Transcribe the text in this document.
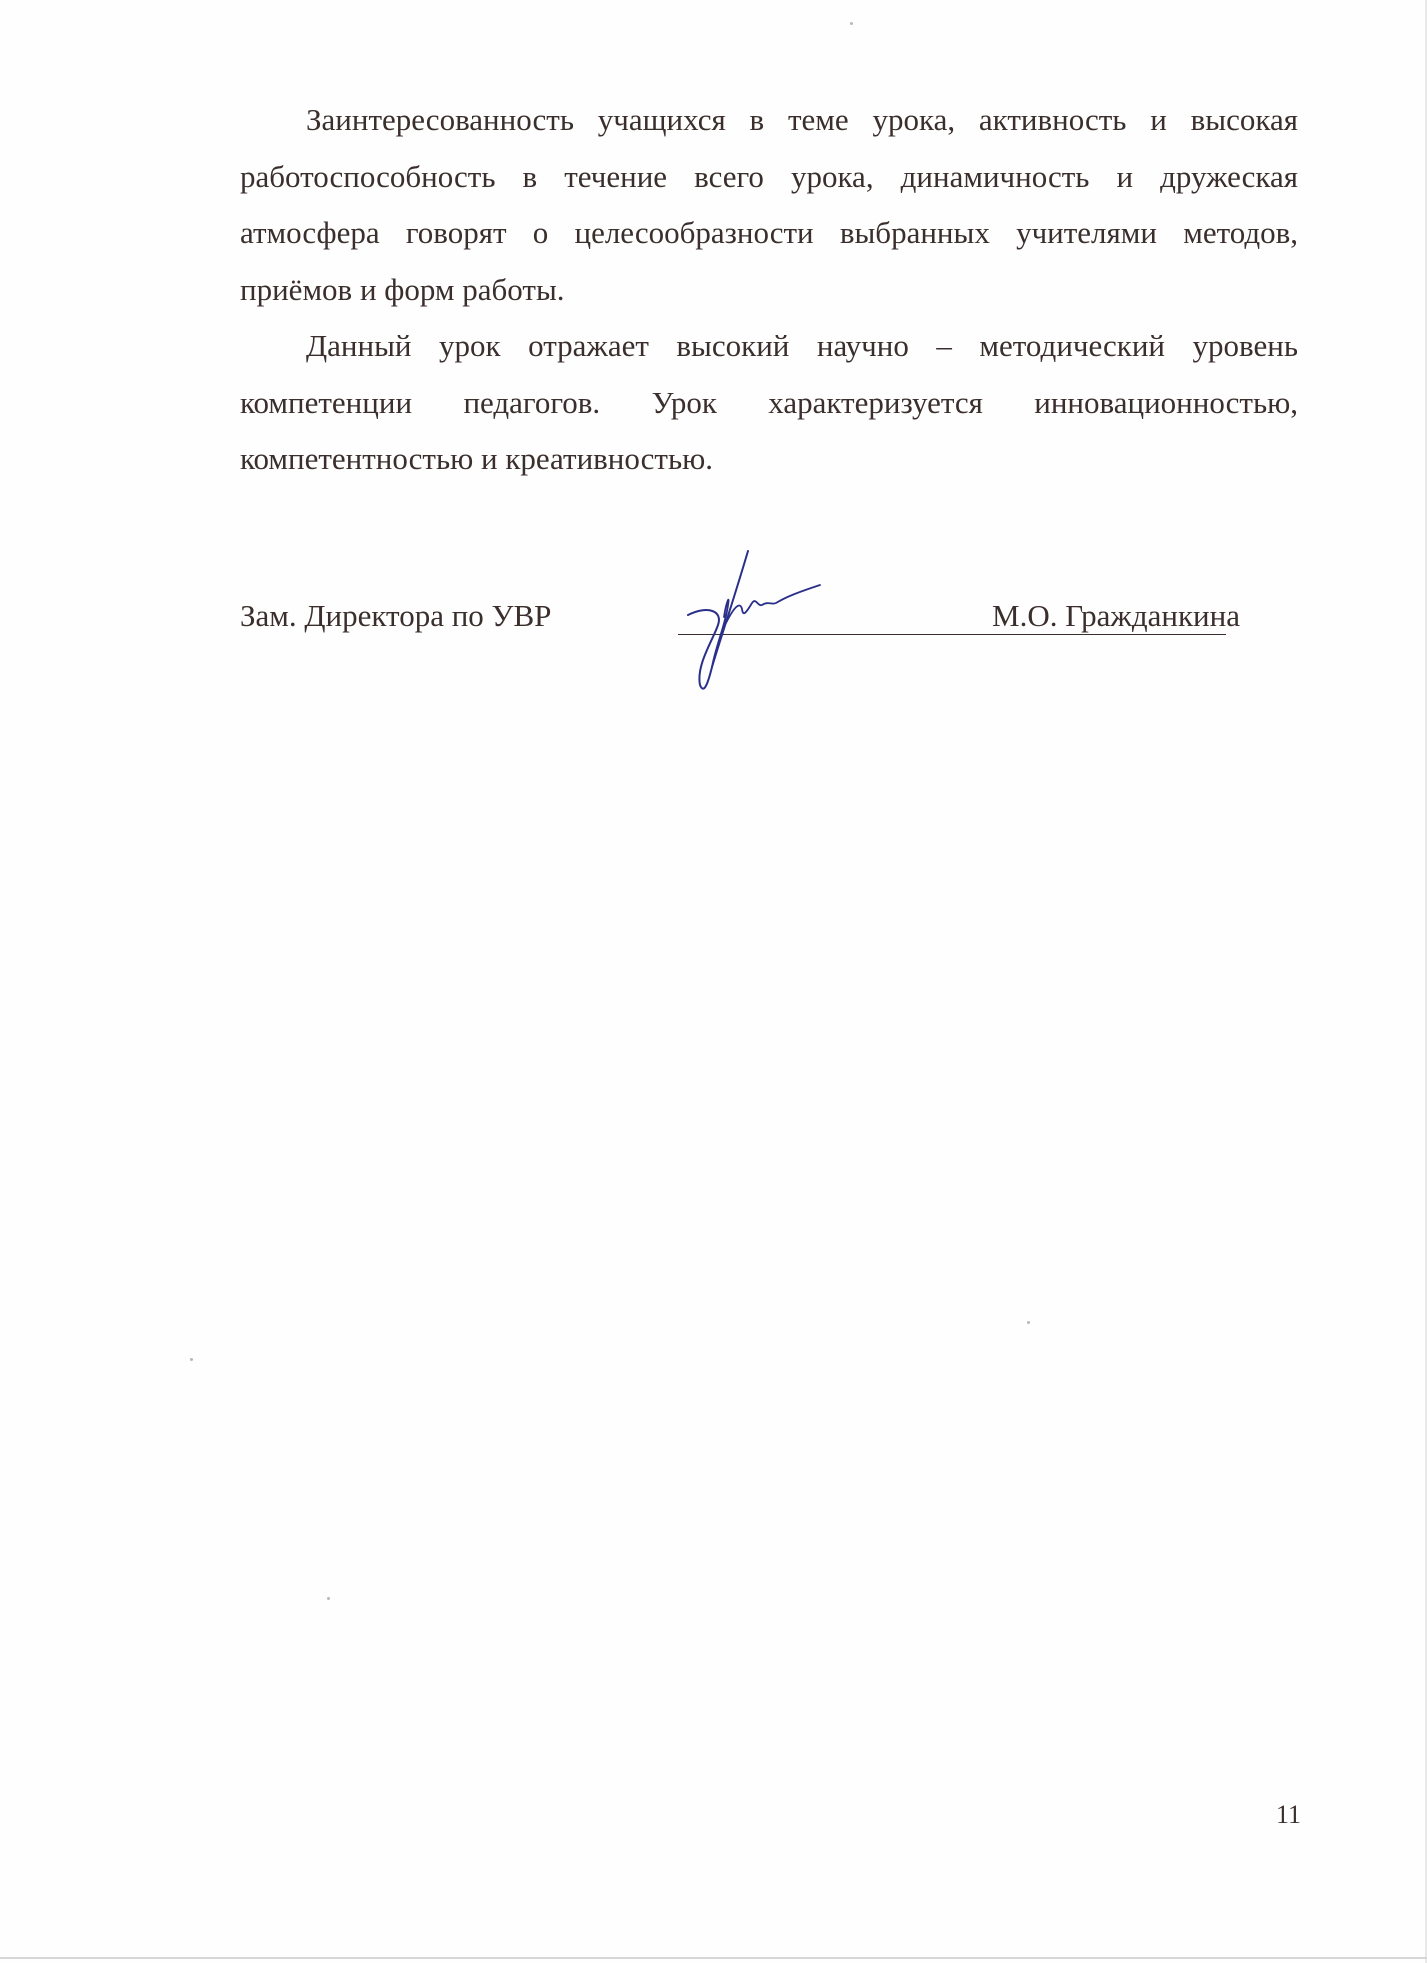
Заинтересованность учащихся в теме урока, активность и высокая работоспособность в течение всего урока, динамичность и дружеская атмосфера говорят о целесообразности выбранных учителями методов, приёмов и форм работы.

Данный урок отражает высокий научно – методический уровень компетенции педагогов. Урок характеризуется инновационностью, компетентностью и креативностью.

Зам. Директора по УВР	М.О. Гражданкина
11
